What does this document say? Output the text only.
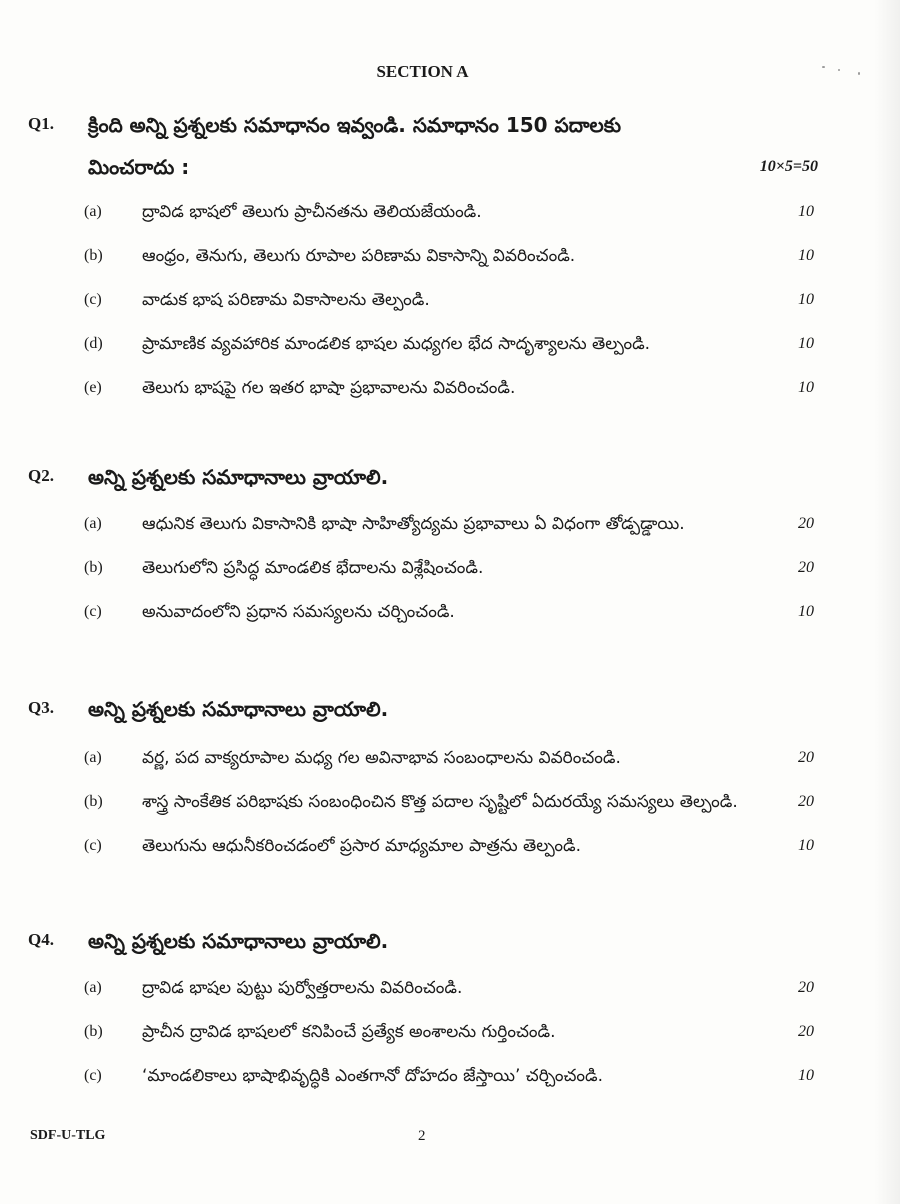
SECTION A
Q1.	క్రింది అన్ని ప్రశ్నలకు సమాధానం ఇవ్వండి. సమాధానం 150 పదాలకు
మించరాదు :	10×5=50
(a)	ద్రావిడ భాషలో తెలుగు ప్రాచీనతను తెలియజేయండి.	10
(b)	ఆంధ్రం, తెనుగు, తెలుగు రూపాల పరిణామ వికాసాన్ని వివరించండి.	10
(c)	వాడుక భాష పరిణామ వికాసాలను తెల్పండి.	10
(d)	ప్రామాణిక వ్యవహారిక మాండలిక భాషల మధ్యగల భేద సాదృశ్యాలను తెల్పండి.	10
(e)	తెలుగు భాషపై గల ఇతర భాషా ప్రభావాలను వివరించండి.	10
Q2.	అన్ని ప్రశ్నలకు సమాధానాలు వ్రాయాలి.
(a)	ఆధునిక తెలుగు వికాసానికి భాషా సాహిత్యోద్యమ ప్రభావాలు ఏ విధంగా తోడ్పడ్డాయి.	20
(b)	తెలుగులోని ప్రసిద్ధ మాండలిక భేదాలను విశ్లేషించండి.	20
(c)	అనువాదంలోని ప్రధాన సమస్యలను చర్చించండి.	10
Q3.	అన్ని ప్రశ్నలకు సమాధానాలు వ్రాయాలి.
(a)	వర్ణ, పద వాక్యరూపాల మధ్య గల అవినాభావ సంబంధాలను వివరించండి.	20
(b)	శాస్త్ర సాంకేతిక పరిభాషకు సంబంధించిన కొత్త పదాల సృష్టిలో ఏదురయ్యే సమస్యలు తెల్పండి.	20
(c)	తెలుగును ఆధునీకరించడంలో ప్రసార మాధ్యమాల పాత్రను తెల్పండి.	10
Q4.	అన్ని ప్రశ్నలకు సమాధానాలు వ్రాయాలి.
(a)	ద్రావిడ భాషల పుట్టు పుర్వోత్తరాలను వివరించండి.	20
(b)	ప్రాచీన ద్రావిడ భాషలలో కనిపించే ప్రత్యేక అంశాలను గుర్తించండి.	20
(c)	‘మాండలికాలు భాషాభివృద్ధికి ఎంతగానో దోహదం జేస్తాయి’ చర్చించండి.	10
SDF-U-TLG	2
